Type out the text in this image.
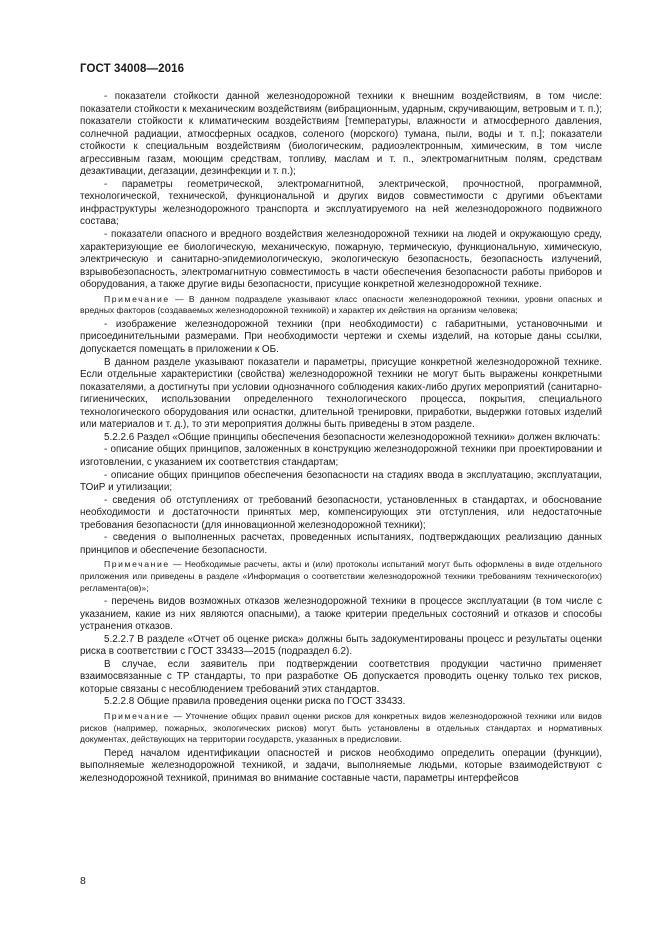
ГОСТ 34008—2016

- показатели стойкости данной железнодорожной техники к внешним воздействиям, в том числе: показатели стойкости к механическим воздействиям (вибрационным, ударным, скручивающим, ветровым и т. п.); показатели стойкости к климатическим воздействиям [температуры, влажности и атмосферного давления, солнечной радиации, атмосферных осадков, соленого (морского) тумана, пыли, воды и т. п.]; показатели стойкости к специальным воздействиям (биологическим, радиоэлектронным, химическим, в том числе агрессивным газам, моющим средствам, топливу, маслам и т. п., электромагнитным полям, средствам дезактивации, дегазации, дезинфекции и т. п.);

- параметры геометрической, электромагнитной, электрической, прочностной, программной, технологической, технической, функциональной и других видов совместимости с другими объектами инфраструктуры железнодорожного транспорта и эксплуатируемого на ней железнодорожного подвижного состава;

- показатели опасного и вредного воздействия железнодорожной техники на людей и окружающую среду, характеризующие ее биологическую, механическую, пожарную, термическую, функциональную, химическую, электрическую и санитарно-эпидемиологическую, экологическую безопасность, безопасность излучений, взрывобезопасность, электромагнитную совместимость в части обеспечения безопасности работы приборов и оборудования, а также другие виды безопасности, присущие конкретной железнодорожной технике.

Примечание — В данном подразделе указывают класс опасности железнодорожной техники, уровни опасных и вредных факторов (создаваемых железнодорожной техникой) и характер их действия на организм человека;

- изображение железнодорожной техники (при необходимости) с габаритными, установочными и присоединительными размерами. При необходимости чертежи и схемы изделий, на которые даны ссылки, допускается помещать в приложении к ОБ.

В данном разделе указывают показатели и параметры, присущие конкретной железнодорожной технике. Если отдельные характеристики (свойства) железнодорожной техники не могут быть выражены конкретными показателями, а достигнуты при условии однозначного соблюдения каких-либо других мероприятий (санитарно-гигиенических, использовании определенного технологического процесса, покрытия, специального технологического оборудования или оснастки, длительной тренировки, приработки, выдержки готовых изделий или материалов и т. д.), то эти мероприятия должны быть приведены в этом разделе.

5.2.2.6 Раздел «Общие принципы обеспечения безопасности железнодорожной техники» должен включать:

- описание общих принципов, заложенных в конструкцию железнодорожной техники при проектировании и изготовлении, с указанием их соответствия стандартам;

- описание общих принципов обеспечения безопасности на стадиях ввода в эксплуатацию, эксплуатации, ТОиР и утилизации;

- сведения об отступлениях от требований безопасности, установленных в стандартах, и обоснование необходимости и достаточности принятых мер, компенсирующих эти отступления, или недостаточные требования безопасности (для инновационной железнодорожной техники);

- сведения о выполненных расчетах, проведенных испытаниях, подтверждающих реализацию данных принципов и обеспечение безопасности.

Примечание — Необходимые расчеты, акты и (или) протоколы испытаний могут быть оформлены в виде отдельного приложения или приведены в разделе «Информация о соответствии железнодорожной техники требованиям технического(их) регламента(ов)»;

- перечень видов возможных отказов железнодорожной техники в процессе эксплуатации (в том числе с указанием, какие из них являются опасными), а также критерии предельных состояний и отказов и способы устранения отказов.

5.2.2.7 В разделе «Отчет об оценке риска» должны быть задокументированы процесс и результаты оценки риска в соответствии с ГОСТ 33433—2015 (подраздел 6.2).

В случае, если заявитель при подтверждении соответствия продукции частично применяет взаимосвязанные с ТР стандарты, то при разработке ОБ допускается проводить оценку только тех рисков, которые связаны с несоблюдением требований этих стандартов.

5.2.2.8 Общие правила проведения оценки риска по ГОСТ 33433.

Примечание — Уточнение общих правил оценки рисков для конкретных видов железнодорожной техники или видов рисков (например, пожарных, экологических рисков) могут быть установлены в отдельных стандартах и нормативных документах, действующих на территории государств, указанных в предисловии.

Перед началом идентификации опасностей и рисков необходимо определить операции (функции), выполняемые железнодорожной техникой, и задачи, выполняемые людьми, которые взаимодействуют с железнодорожной техникой, принимая во внимание составные части, параметры интерфейсов

8
